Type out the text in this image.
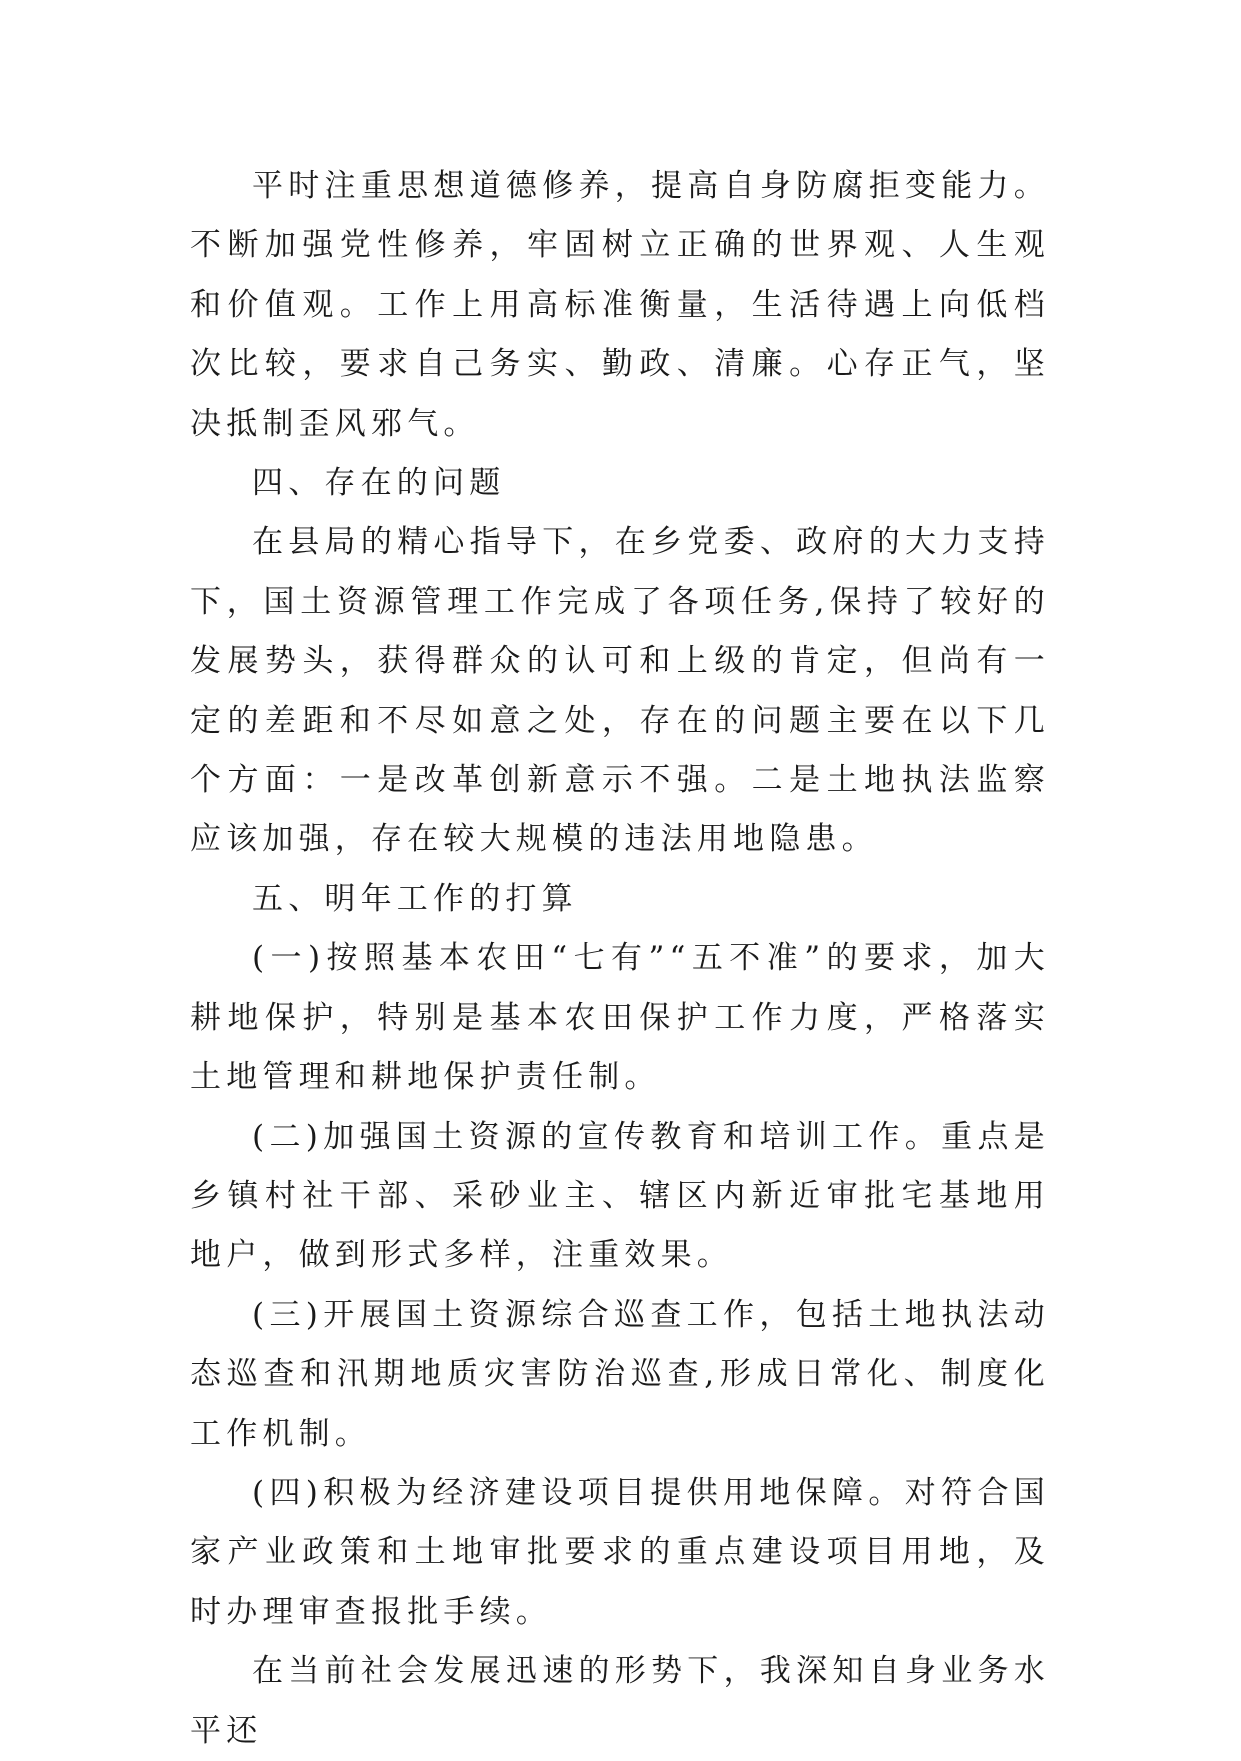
平时注重思想道德修养，提高自身防腐拒变能力。不断加强党性修养，牢固树立正确的世界观、人生观和价值观。工作上用高标准衡量，生活待遇上向低档次比较，要求自己务实、勤政、清廉。心存正气，坚决抵制歪风邪气。

四、存在的问题

在县局的精心指导下，在乡党委、政府的大力支持下，国土资源管理工作完成了各项任务,保持了较好的发展势头，获得群众的认可和上级的肯定，但尚有一定的差距和不尽如意之处，存在的问题主要在以下几个方面：一是改革创新意示不强。二是土地执法监察应该加强，存在较大规模的违法用地隐患。

五、明年工作的打算

(一)按照基本农田“七有”“五不准”的要求，加大耕地保护，特别是基本农田保护工作力度，严格落实土地管理和耕地保护责任制。

(二)加强国土资源的宣传教育和培训工作。重点是乡镇村社干部、采砂业主、辖区内新近审批宅基地用地户，做到形式多样，注重效果。

(三)开展国土资源综合巡查工作，包括土地执法动态巡查和汛期地质灾害防治巡查,形成日常化、制度化工作机制。

(四)积极为经济建设项目提供用地保障。对符合国家产业政策和土地审批要求的重点建设项目用地，及时办理审查报批手续。

在当前社会发展迅速的形势下，我深知自身业务水平还
